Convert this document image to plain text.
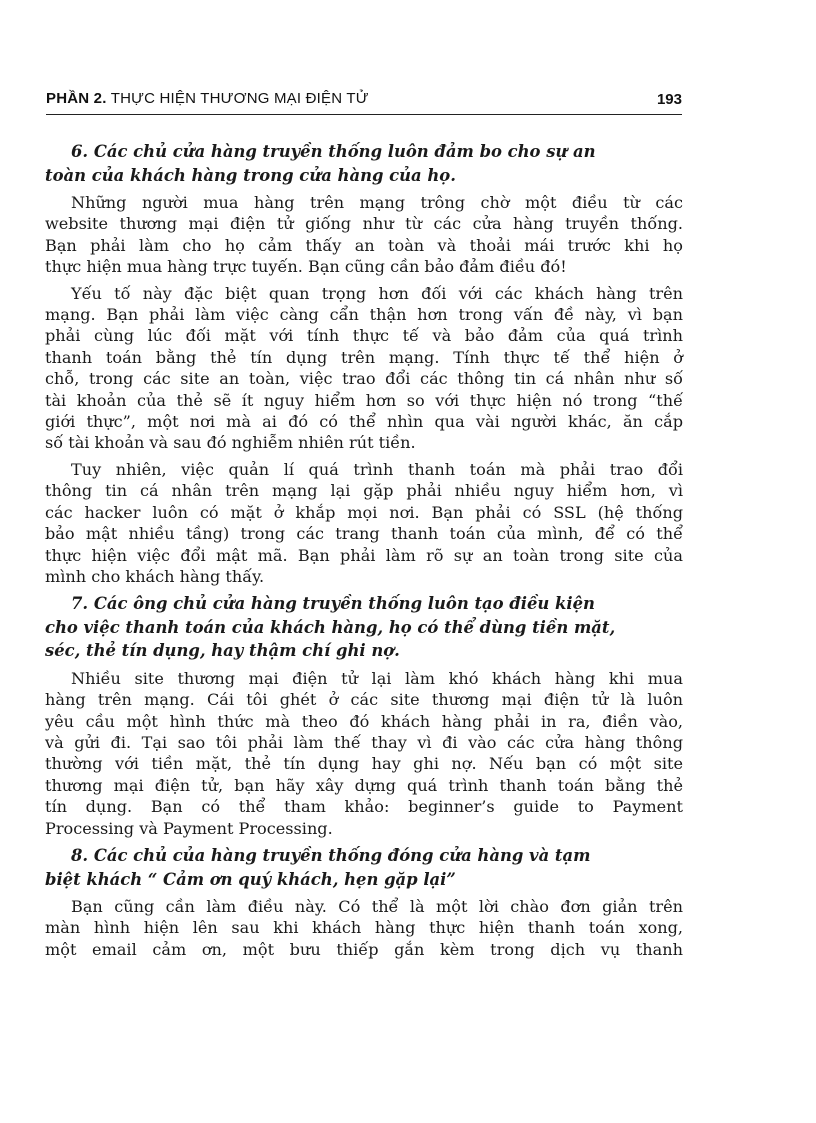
PHẦN 2. THỰC HIỆN THƯƠNG MẠI ĐIỆN TỬ	193
6. Các chủ cửa hàng truyền thống luôn đảm bo cho sự an
toàn của khách hàng trong cửa hàng của họ.

Những người mua hàng trên mạng trông chờ một điều từ các
website thương mại điện tử giống như từ các cửa hàng truyền thống.
Bạn phải làm cho họ cảm thấy an toàn và thoải mái trước khi họ
thực hiện mua hàng trực tuyến. Bạn cũng cần bảo đảm điều đó!

Yếu tố này đặc biệt quan trọng hơn đối với các khách hàng trên
mạng. Bạn phải làm việc càng cẩn thận hơn trong vấn đề này, vì bạn
phải cùng lúc đối mặt với tính thực tế và bảo đảm của quá trình
thanh toán bằng thẻ tín dụng trên mạng. Tính thực tế thể hiện ở
chỗ, trong các site an toàn, việc trao đổi các thông tin cá nhân như số
tài khoản của thẻ sẽ ít nguy hiểm hơn so với thực hiện nó trong “thế
giới thực”, một nơi mà ai đó có thể nhìn qua vài người khác, ăn cắp
số tài khoản và sau đó nghiễm nhiên rút tiền.

Tuy nhiên, việc quản lí quá trình thanh toán mà phải trao đổi
thông tin cá nhân trên mạng lại gặp phải nhiều nguy hiểm hơn, vì
các hacker luôn có mặt ở khắp mọi nơi. Bạn phải có SSL (hệ thống
bảo mật nhiều tầng) trong các trang thanh toán của mình, để có thể
thực hiện việc đổi mật mã. Bạn phải làm rõ sự an toàn trong site của
mình cho khách hàng thấy.

7. Các ông chủ cửa hàng truyền thống luôn tạo điều kiện
cho việc thanh toán của khách hàng, họ có thể dùng tiền mặt,
séc, thẻ tín dụng, hay thậm chí ghi nợ.

Nhiều site thương mại điện tử lại làm khó khách hàng khi mua
hàng trên mạng. Cái tôi ghét ở các site thương mại điện tử là luôn
yêu cầu một hình thức mà theo đó khách hàng phải in ra, điền vào,
và gửi đi. Tại sao tôi phải làm thế thay vì đi vào các cửa hàng thông
thường với tiền mặt, thẻ tín dụng hay ghi nợ. Nếu bạn có một site
thương mại điện tử, bạn hãy xây dựng quá trình thanh toán bằng thẻ
tín dụng. Bạn có thể tham khảo: beginner’s guide to Payment
Processing và Payment Processing.

8. Các chủ của hàng truyền thống đóng cửa hàng và tạm
biệt khách “ Cảm ơn quý khách, hẹn gặp lại”

Bạn cũng cần làm điều này. Có thể là một lời chào đơn giản trên
màn hình hiện lên sau khi khách hàng thực hiện thanh toán xong,
một email cảm ơn, một bưu thiếp gắn kèm trong dịch vụ thanh
